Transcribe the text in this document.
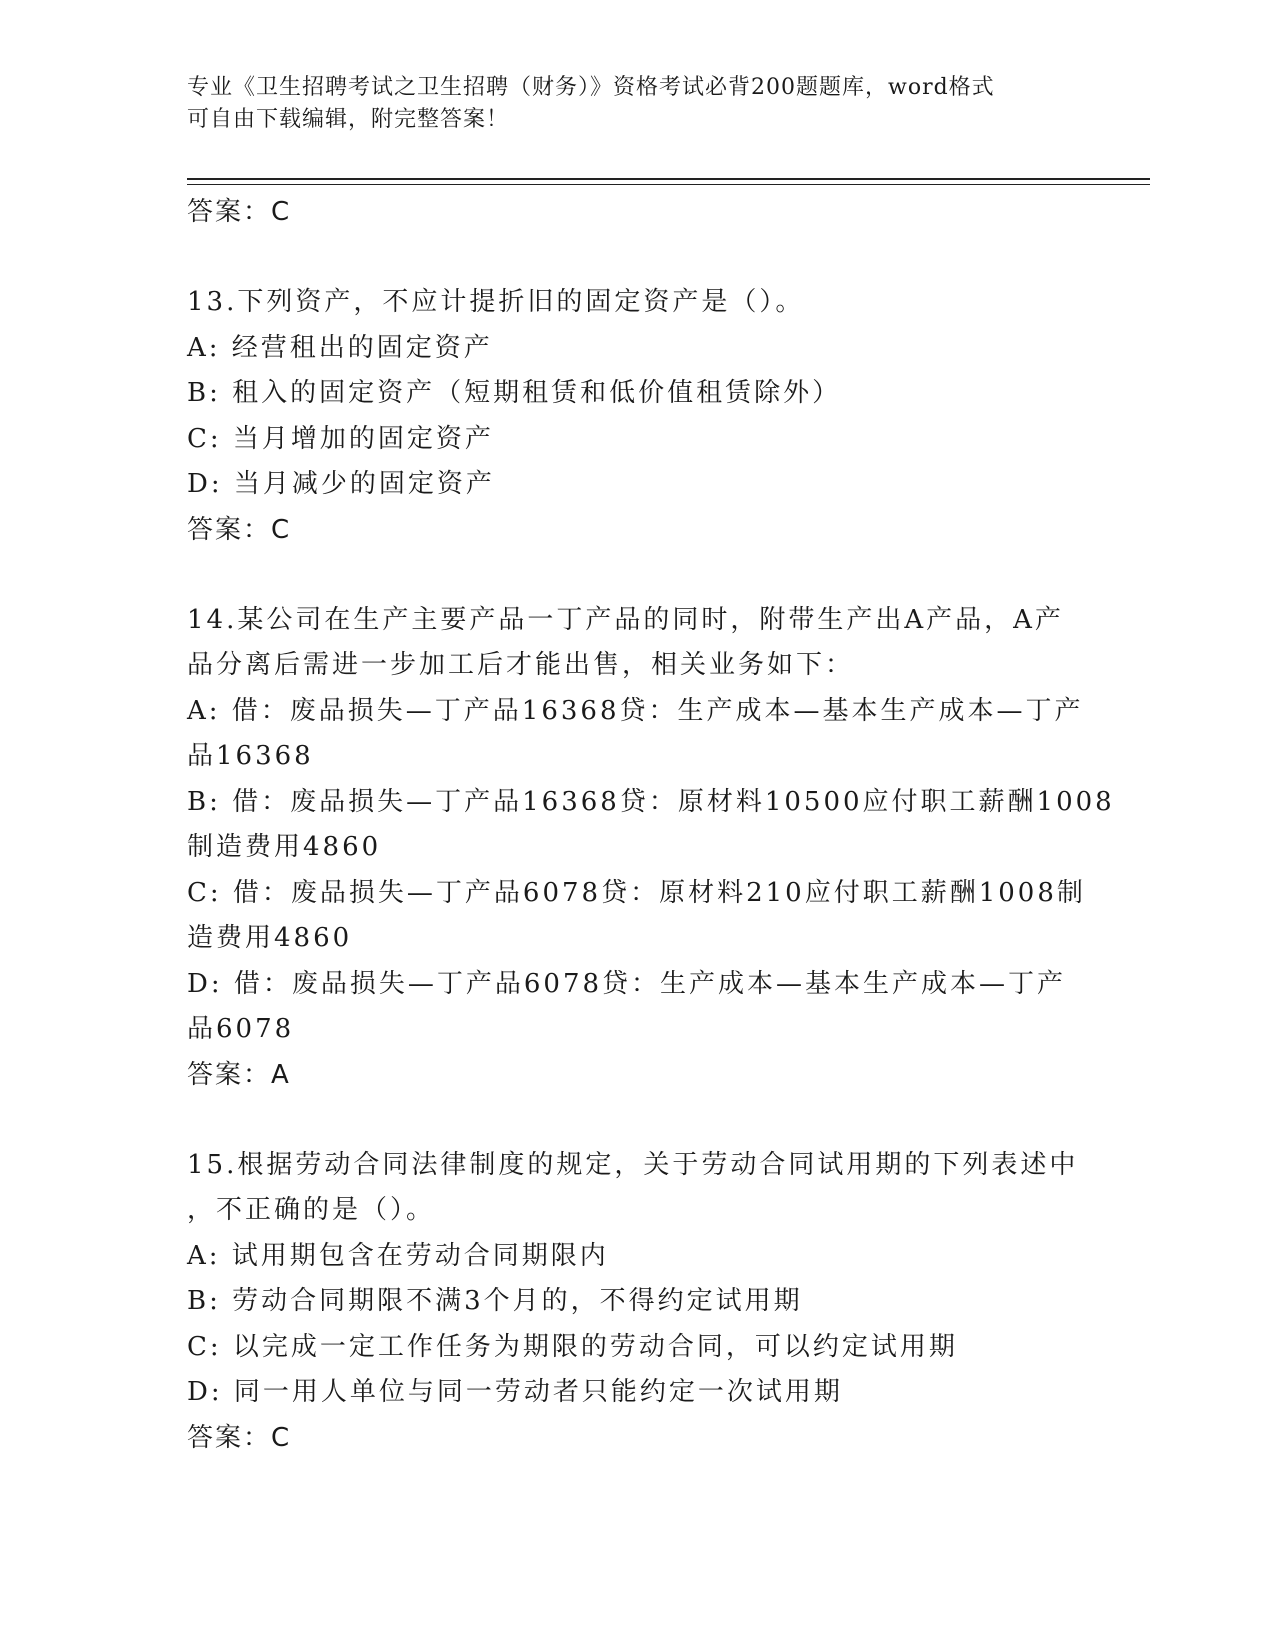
专业《卫生招聘考试之卫生招聘（财务）》资格考试必背200题题库，word格式
可自由下载编辑，附完整答案！
答案：C
13.下列资产，不应计提折旧的固定资产是（）。
A: 经营租出的固定资产
B: 租入的固定资产（短期租赁和低价值租赁除外）
C: 当月增加的固定资产
D: 当月减少的固定资产
答案：C
14.某公司在生产主要产品一丁产品的同时，附带生产出A产品，A产
品分离后需进一步加工后才能出售，相关业务如下：
A: 借：废品损失—丁产品16368贷：生产成本—基本生产成本—丁产
品16368
B: 借：废品损失—丁产品16368贷：原材料10500应付职工薪酬1008
制造费用4860
C: 借：废品损失—丁产品6078贷：原材料210应付职工薪酬1008制
造费用4860
D: 借：废品损失—丁产品6078贷：生产成本—基本生产成本—丁产
品6078
答案：A
15.根据劳动合同法律制度的规定，关于劳动合同试用期的下列表述中
，不正确的是（）。
A: 试用期包含在劳动合同期限内
B: 劳动合同期限不满3个月的，不得约定试用期
C: 以完成一定工作任务为期限的劳动合同，可以约定试用期
D: 同一用人单位与同一劳动者只能约定一次试用期
答案：C
